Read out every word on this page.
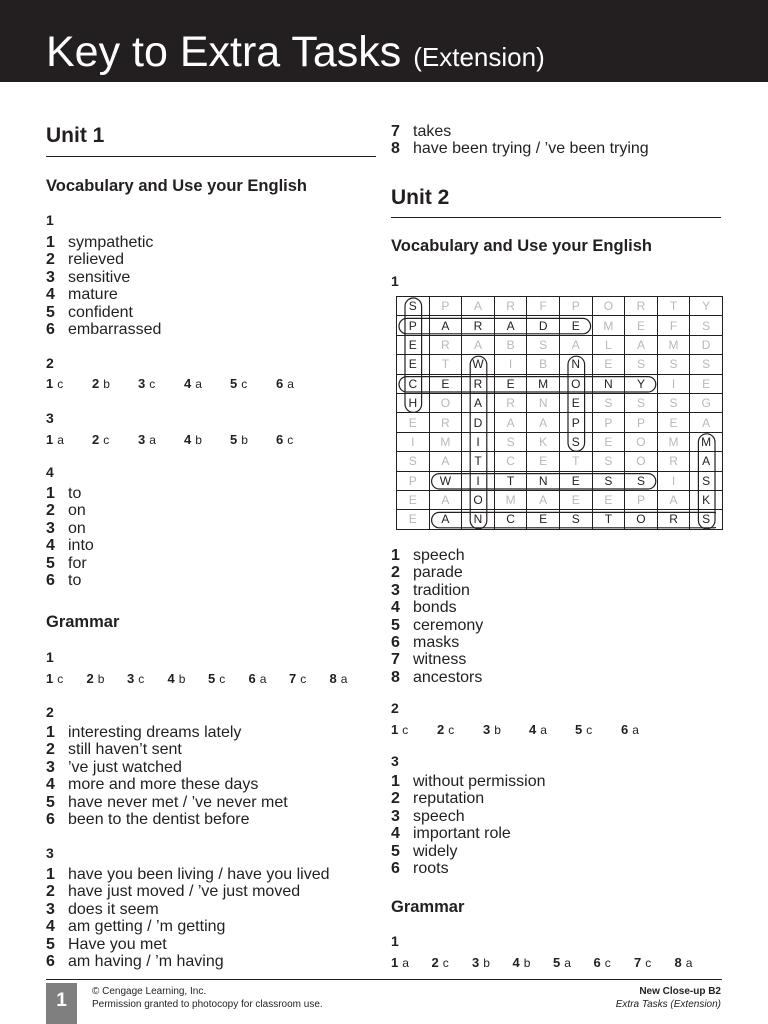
Key to Extra Tasks (Extension)
Unit 1
Vocabulary and Use your English
1
1 sympathetic
2 relieved
3 sensitive
4 mature
5 confident
6 embarrassed
2
1 c 2 b 3 c 4 a 5 c 6 a
3
1 a 2 c 3 a 4 b 5 b 6 c
4
1 to
2 on
3 on
4 into
5 for
6 to
Grammar
1
1 c 2 b 3 c 4 b 5 c 6 a 7 c 8 a
2
1 interesting dreams lately
2 still haven’t sent
3 ’ve just watched
4 more and more these days
5 have never met / ’ve never met
6 been to the dentist before
3
1 have you been living / have you lived
2 have just moved / ’ve just moved
3 does it seem
4 am getting / ’m getting
5 Have you met
6 am having / ’m having
7 takes
8 have been trying / ’ve been trying
Unit 2
Vocabulary and Use your English
1
S	P	A	R	F	P	O	R	T	Y
P	A	R	A	D	E	M	E	F	S
E	R	A	B	S	A	L	A	M	D
E	T	W	I	B	N	E	S	S	S
C	E	R	E	M	O	N	Y	I	E
H	O	A	R	N	E	S	S	S	G
E	R	D	A	A	P	P	P	E	A
I	M	I	S	K	S	E	O	M	M
S	A	T	C	E	T	S	O	R	A
P	W	I	T	N	E	S	S	I	S
E	A	O	M	A	E	E	P	A	K
E	A	N	C	E	S	T	O	R	S
1 speech
2 parade
3 tradition
4 bonds
5 ceremony
6 masks
7 witness
8 ancestors
2
1 c 2 c 3 b 4 a 5 c 6 a
3
1 without permission
2 reputation
3 speech
4 important role
5 widely
6 roots
Grammar
1
1 a 2 c 3 b 4 b 5 a 6 c 7 c 8 a
1	© Cengage Learning, Inc.
Permission granted to photocopy for classroom use.
New Close-up B2
Extra Tasks (Extension)
